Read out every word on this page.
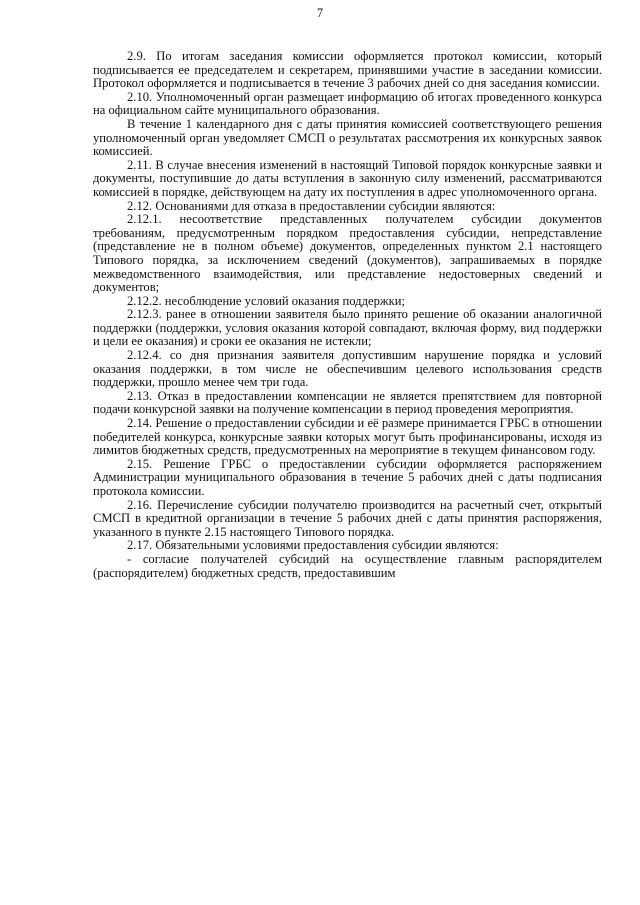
7

2.9. По итогам заседания комиссии оформляется протокол комиссии, который подписывается ее председателем и секретарем, принявшими участие в заседании комиссии. Протокол оформляется и подписывается в течение 3 рабочих дней со дня заседания комиссии.

2.10. Уполномоченный орган размещает информацию об итогах проведенного конкурса на официальном сайте муниципального образования.

В течение 1 календарного дня с даты принятия комиссией соответствующего решения уполномоченный орган уведомляет СМСП о результатах рассмотрения их конкурсных заявок комиссией.

2.11. В случае внесения изменений в настоящий Типовой порядок конкурсные заявки и документы, поступившие до даты вступления в законную силу изменений, рассматриваются комиссией в порядке, действующем на дату их поступления в адрес уполномоченного органа.

2.12. Основаниями для отказа в предоставлении субсидии являются:

2.12.1. несоответствие представленных получателем субсидии документов требованиям, предусмотренным порядком предоставления субсидии, непредставление (представление не в полном объеме) документов, определенных пунктом 2.1 настоящего Типового порядка, за исключением сведений (документов), запрашиваемых в порядке межведомственного взаимодействия, или представление недостоверных сведений и документов;

2.12.2. несоблюдение условий оказания поддержки;

2.12.3. ранее в отношении заявителя было принято решение об оказании аналогичной поддержки (поддержки, условия оказания которой совпадают, включая форму, вид поддержки и цели ее оказания) и сроки ее оказания не истекли;

2.12.4. со дня признания заявителя допустившим нарушение порядка и условий оказания поддержки, в том числе не обеспечившим целевого использования средств поддержки, прошло менее чем три года.

2.13. Отказ в предоставлении компенсации не является препятствием для повторной подачи конкурсной заявки на получение компенсации в период проведения мероприятия.

2.14. Решение о предоставлении субсидии и её размере принимается ГРБС в отношении победителей конкурса, конкурсные заявки которых могут быть профинансированы, исходя из лимитов бюджетных средств, предусмотренных на мероприятие в текущем финансовом году.

2.15. Решение ГРБС о предоставлении субсидии оформляется распоряжением Администрации муниципального образования в течение 5 рабочих дней с даты подписания протокола комиссии.

2.16. Перечисление субсидии получателю производится на расчетный счет, открытый СМСП в кредитной организации в течение 5 рабочих дней с даты принятия распоряжения, указанного в пункте 2.15 настоящего Типового порядка.

2.17. Обязательными условиями предоставления субсидии являются:

- согласие получателей субсидий на осуществление главным распорядителем (распорядителем) бюджетных средств, предоставившим
